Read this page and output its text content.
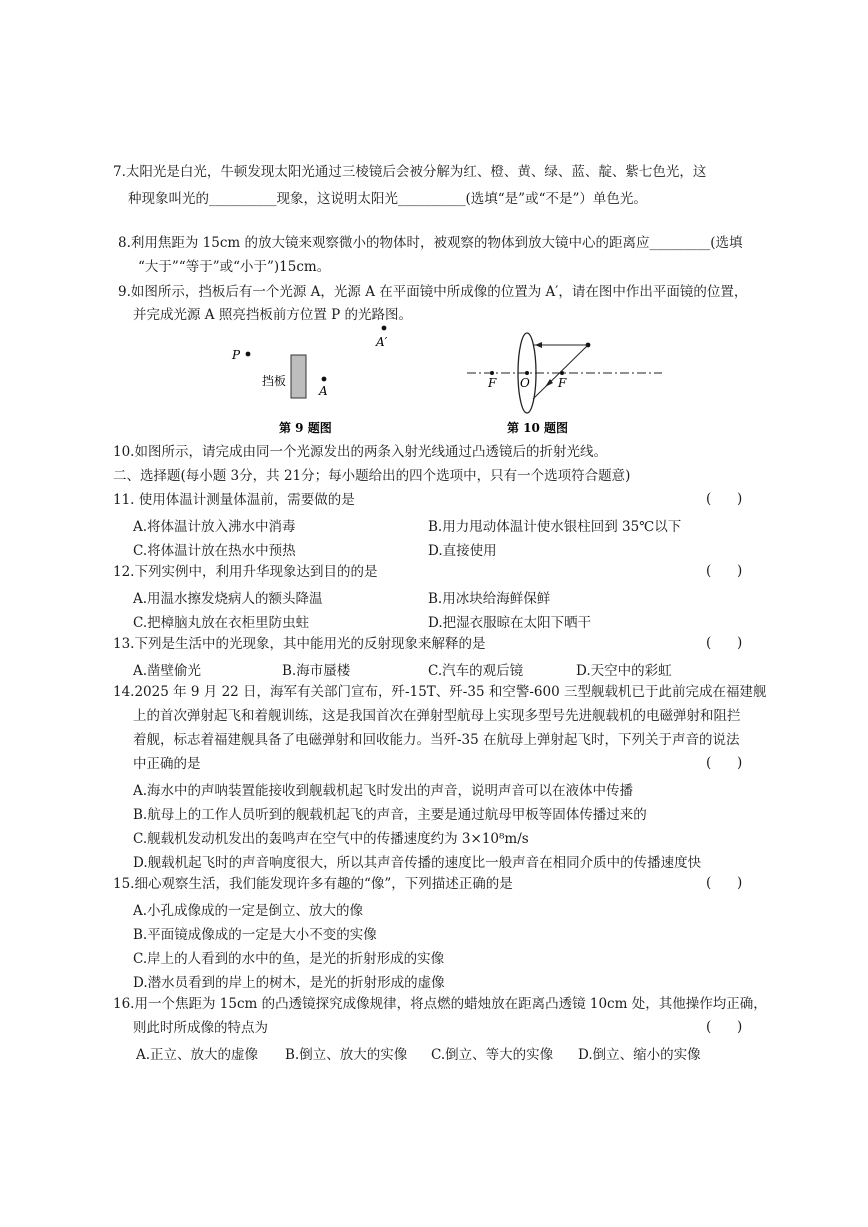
7.太阳光是白光，牛顿发现太阳光通过三棱镜后会被分解为红、橙、黄、绿、蓝、靛、紫七色光，这
种现象叫光的__________现象，这说明太阳光__________(选填“是”或“不是”）单色光。
8.利用焦距为 15cm 的放大镜来观察微小的物体时，被观察的物体到放大镜中心的距离应_________(选填
“大于”“等于”或“小于”)15cm。
9.如图所示，挡板后有一个光源 A，光源 A 在平面镜中所成像的位置为 A′，请在图中作出平面镜的位置，
并完成光源 A 照亮挡板前方位置 P 的光路图。
P
A′
挡板
A
第 9 题图
F O F
第 10 题图
10.如图所示，请完成由同一个光源发出的两条入射光线通过凸透镜后的折射光线。
二、选择题(每小题 3分，共 21分；每小题给出的四个选项中，只有一个选项符合题意)
11. 使用体温计测量体温前，需要做的是	(      )
A.将体温计放入沸水中消毒	B.用力甩动体温计使水银柱回到 35℃以下
C.将体温计放在热水中预热	D.直接使用
12.下列实例中，利用升华现象达到目的的是	(      )
A.用温水擦发烧病人的额头降温	B.用冰块给海鲜保鲜
C.把樟脑丸放在衣柜里防虫蛀	D.把湿衣服晾在太阳下晒干
13.下列是生活中的光现象，其中能用光的反射现象来解释的是	(      )
A.凿壁偷光	B.海市蜃楼	C.汽车的观后镜	D.天空中的彩虹
14.2025 年 9 月 22 日，海军有关部门宣布，歼-15T、歼-35 和空警-600 三型舰载机已于此前完成在福建舰
上的首次弹射起飞和着舰训练，这是我国首次在弹射型航母上实现多型号先进舰载机的电磁弹射和阻拦
着舰，标志着福建舰具备了电磁弹射和回收能力。当歼-35 在航母上弹射起飞时，下列关于声音的说法
中正确的是	(      )
A.海水中的声呐装置能接收到舰载机起飞时发出的声音，说明声音可以在液体中传播
B.航母上的工作人员听到的舰载机起飞的声音，主要是通过航母甲板等固体传播过来的
C.舰载机发动机发出的轰鸣声在空气中的传播速度约为 3×10⁸m/s
D.舰载机起飞时的声音响度很大，所以其声音传播的速度比一般声音在相同介质中的传播速度快
15.细心观察生活，我们能发现许多有趣的“像”，下列描述正确的是	(      )
A.小孔成像成的一定是倒立、放大的像
B.平面镜成像成的一定是大小不变的实像
C.岸上的人看到的水中的鱼，是光的折射形成的实像
D.潜水员看到的岸上的树木，是光的折射形成的虚像
16.用一个焦距为 15cm 的凸透镜探究成像规律，将点燃的蜡烛放在距离凸透镜 10cm 处，其他操作均正确，
则此时所成像的特点为	(      )
A.正立、放大的虚像 B.倒立、放大的实像 C.倒立、等大的实像 D.倒立、缩小的实像
